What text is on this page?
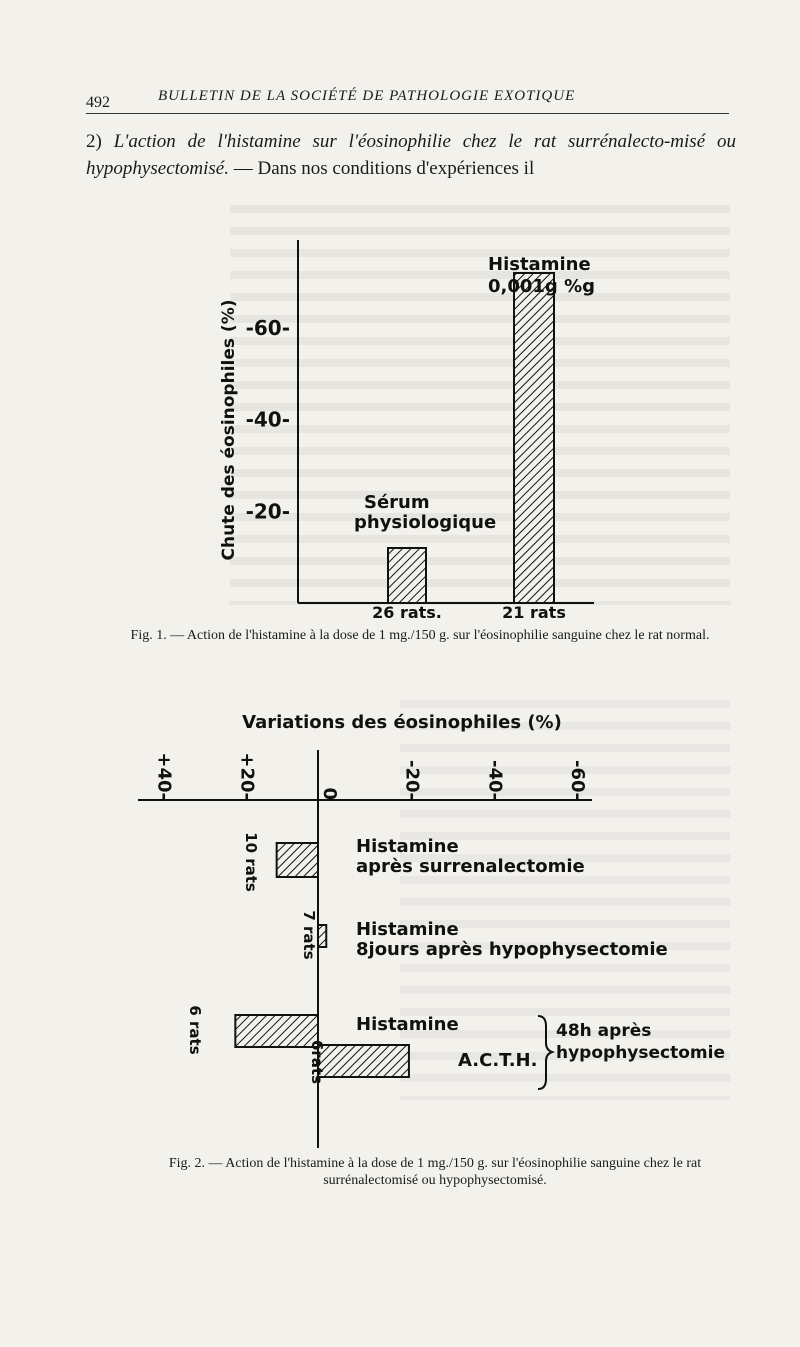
492	BULLETIN DE LA SOCIÉTÉ DE PATHOLOGIE EXOTIQUE
2) L'action de l'histamine sur l'éosinophilie chez le rat surrénalecto-misé ou hypophysectomisé. — Dans nos conditions d'expériences il
Chute des éosinophiles (%) -20-
-40-
-60-
26 rats.	21 rats
Sérum
physiologique
Histamine
0,001g %g
Variations des éosinophiles (%)
+40-	+20-	0	-20-	-40-	-60-
Histamine
après surrenalectomie
10 rats
Histamine
8jours après hypophysectomie
7 rats
Histamine
6 rats
A.C.T.H.
6rats
48h après
hypophysectomie
Fig. 1. — Action de l'histamine à la dose de 1 mg./150 g. sur l'éosinophilie sanguine chez le rat normal.
Fig. 2. — Action de l'histamine à la dose de 1 mg./150 g. sur l'éosinophilie sanguine chez le rat surrénalectomisé ou hypophysectomisé.
